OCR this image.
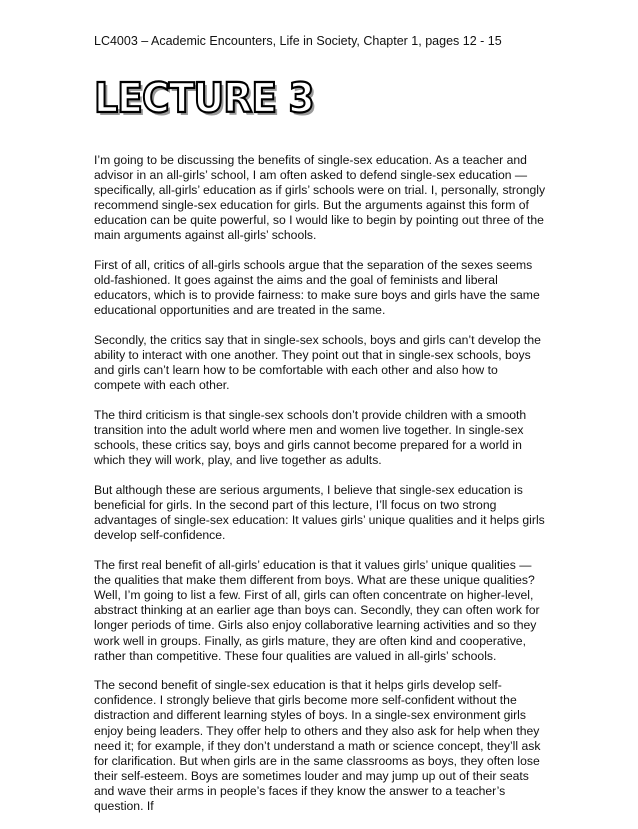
LC4003 – Academic Encounters, Life in Society, Chapter 1, pages 12 - 15
LECTURE 3

I’m going to be discussing the benefits of single-sex education. As a teacher and advisor in an all-girls’ school, I am often asked to defend single-sex education — specifically, all-girls’ education as if girls’ schools were on trial. I, personally, strongly recommend single-sex education for girls. But the arguments against this form of education can be quite powerful, so I would like to begin by pointing out three of the main arguments against all-girls’ schools.

First of all, critics of all-girls schools argue that the separation of the sexes seems old-fashioned. It goes against the aims and the goal of feminists and liberal educators, which is to provide fairness: to make sure boys and girls have the same educational opportunities and are treated in the same.

Secondly, the critics say that in single-sex schools, boys and girls can’t develop the ability to interact with one another. They point out that in single-sex schools, boys and girls can’t learn how to be comfortable with each other and also how to compete with each other.

The third criticism is that single-sex schools don’t provide children with a smooth transition into the adult world where men and women live together. In single-sex schools, these critics say, boys and girls cannot become prepared for a world in which they will work, play, and live together as adults.

But although these are serious arguments, I believe that single-sex education is beneficial for girls. In the second part of this lecture, I’ll focus on two strong advantages of single-sex education: It values girls’ unique qualities and it helps girls develop self-confidence.

The first real benefit of all-girls’ education is that it values girls’ unique qualities — the qualities that make them different from boys. What are these unique qualities? Well, I’m going to list a few. First of all, girls can often concentrate on higher-level, abstract thinking at an earlier age than boys can. Secondly, they can often work for longer periods of time. Girls also enjoy collaborative learning activities and so they work well in groups. Finally, as girls mature, they are often kind and cooperative, rather than competitive. These four qualities are valued in all-girls’ schools.

The second benefit of single-sex education is that it helps girls develop self-confidence. I strongly believe that girls become more self-confident without the distraction and different learning styles of boys. In a single-sex environment girls enjoy being leaders. They offer help to others and they also ask for help when they need it; for example, if they don’t understand a math or science concept, they’ll ask for clarification. But when girls are in the same classrooms as boys, they often lose their self-esteem. Boys are sometimes louder and may jump up out of their seats and wave their arms in people’s faces if they know the answer to a teacher’s question. If
